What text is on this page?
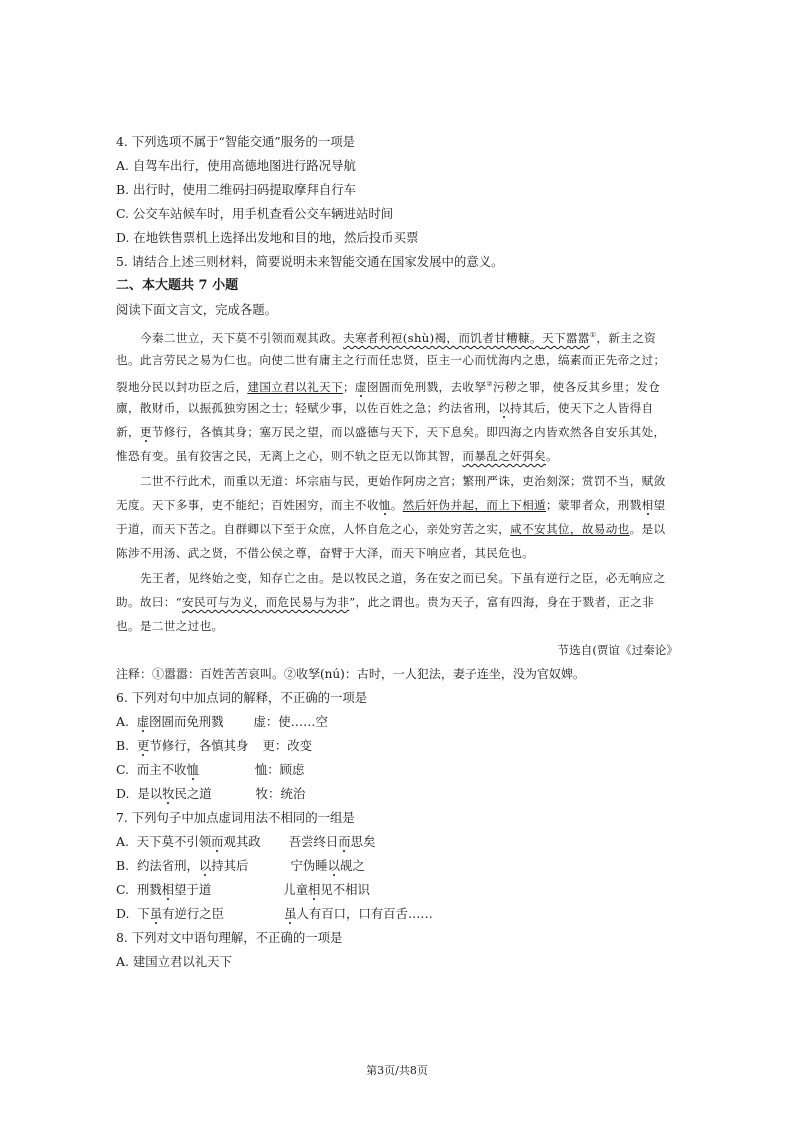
4. 下列选项不属于“智能交通”服务的一项是
A. 自驾车出行，使用高德地图进行路况导航
B. 出行时，使用二维码扫码提取摩拜自行车
C. 公交车站候车时，用手机查看公交车辆进站时间
D. 在地铁售票机上选择出发地和目的地，然后投币买票
5. 请结合上述三则材料，简要说明未来智能交通在国家发展中的意义。
二、本大题共 7 小题
阅读下面文言文，完成各题。
今秦二世立，天下莫不引领而观其政。夫寒者利裋(shù)褐，而饥者甘糟糠。天下嚣嚣①，新主之资
也。此言劳民之易为仁也。向使二世有庸主之行而任忠贤，臣主一心而忧海内之患，缟素而正先帝之过；
裂地分民以封功臣之后，建国立君以礼天下；虚囹圄而免刑戮，去收孥②污秽之罪，使各反其乡里；发仓
廪，散财币，以振孤独穷困之士；轻赋少事，以佐百姓之急；约法省刑，以持其后，使天下之人皆得自
新，更节修行，各慎其身；塞万民之望，而以盛德与天下，天下息矣。即四海之内皆欢然各自安乐其处，
惟恐有变。虽有狡害之民，无离上之心，则不轨之臣无以饰其智，而暴乱之奸弭矣。
二世不行此术，而重以无道：坏宗庙与民，更始作阿房之宫；繁刑严诛，吏治刻深；赏罚不当，赋敛
无度。天下多事，吏不能纪；百姓困穷，而主不收恤。然后奸伪并起，而上下相遁；蒙罪者众，刑戮相望
于道，而天下苦之。自群卿以下至于众庶，人怀自危之心，亲处穷苦之实，咸不安其位，故易动也。是以
陈涉不用汤、武之贤，不借公侯之尊，奋臂于大泽，而天下响应者，其民危也。
先王者，见终始之变，知存亡之由。是以牧民之道，务在安之而已矣。下虽有逆行之臣，必无响应之
助。故曰：“安民可与为义，而危民易与为非”，此之谓也。贵为天子，富有四海，身在于戮者，正之非
也。是二世之过也。
节选自(贾谊《过秦论》
注释：①嚣嚣：百姓苦苦哀叫。②收孥(nú)：古时，一人犯法，妻子连坐，没为官奴婢。
6. 下列对句中加点词的解释，不正确的一项是
A. 虚囹圄而免刑戮 虚：使……空
B. 更节修行，各慎其身 更：改变
C. 而主不收恤	恤：顾虑
D. 是以牧民之道	牧：统治
7. 下列句子中加点虚词用法不相同的一组是
A. 天下莫不引领而观其政 吾尝终日而思矣
B. 约法省刑，以持其后	宁伪睡以觇之
C. 刑戮相望于道	儿童相见不相识
D. 下虽有逆行之臣	虽人有百口，口有百舌……
8. 下列对文中语句理解，不正确的一项是
A. 建国立君以礼天下
第3页/共8页
